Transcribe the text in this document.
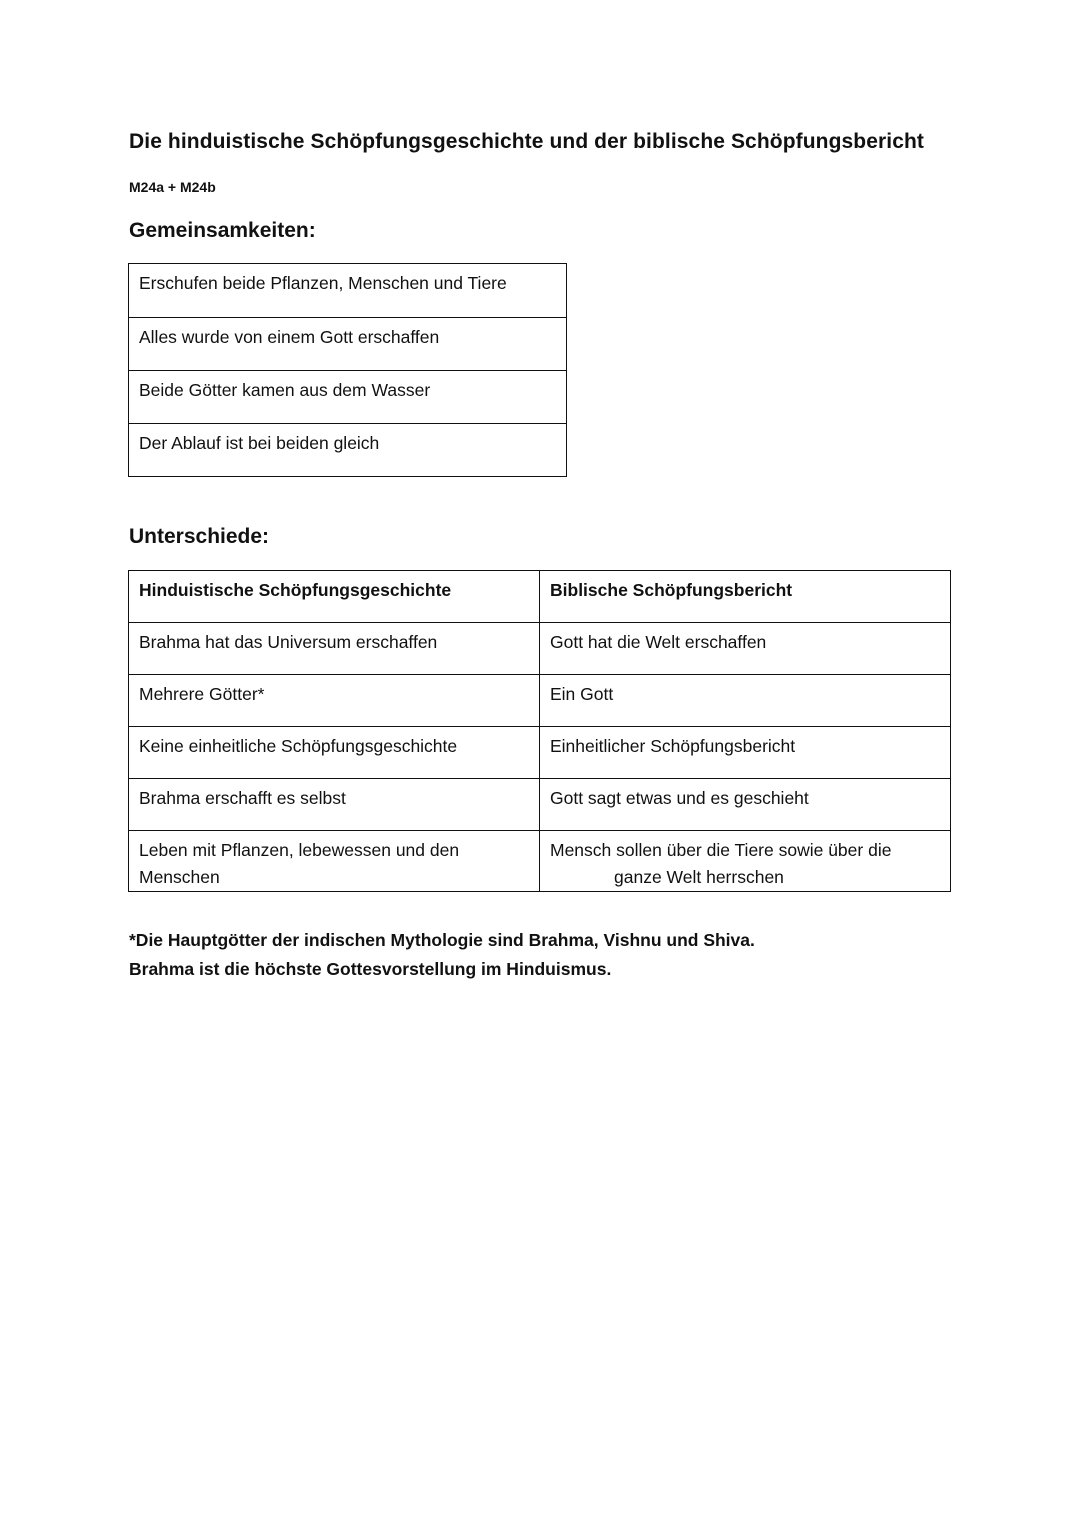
Die hinduistische Schöpfungsgeschichte und der biblische Schöpfungsbericht
M24a + M24b
Gemeinsamkeiten:
Erschufen beide Pflanzen, Menschen und Tiere
Alles wurde von einem Gott erschaffen
Beide Götter kamen aus dem Wasser
Der Ablauf ist bei beiden gleich
Unterschiede:
Hinduistische Schöpfungsgeschichte	Biblische Schöpfungsbericht
Brahma hat das Universum erschaffen	Gott hat die Welt erschaffen
Mehrere Götter*	Ein Gott
Keine einheitliche Schöpfungsgeschichte	Einheitlicher Schöpfungsbericht
Brahma erschafft es selbst	Gott sagt etwas und es geschieht
Leben mit Pflanzen, lebewessen und den Menschen	Mensch sollen über die Tiere sowie über die
ganze Welt herrschen
*Die Hauptgötter der indischen Mythologie sind Brahma, Vishnu und Shiva.
Brahma ist die höchste Gottesvorstellung im Hinduismus.
